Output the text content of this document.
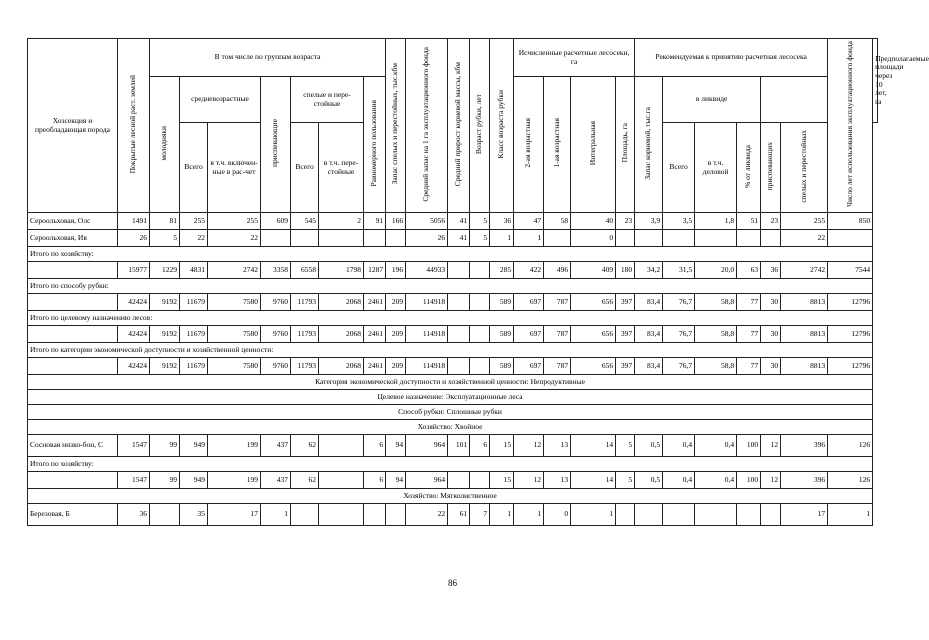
Хозсекция и преобладающая порода	Покрытые лесной раст. землей	В том числе по группам возраста							Запас спелых и перестойных, тыс.кбм	Средний запас на 1 га эксплуатационного фонда	Средний прирост корневой массы, кбм	Возраст рубки, лет	Класс возраста рубки	Исчисленные расчетные лесосеки, га				Рекомендуемая к принятию расчетная лесосека						Число лет использования эксплуатационного фонда	Предполагаемые площади через 10 лет, га
		молодняки	средневозрастные		приспевающие	спелые и пере-стойные		Равномерного пользования						2-ая возрастная	1-ая возрастная	Интегральная	Площадь, га	Запас корневой, тыс.га	в ликвиде						
			Всего	в т.ч. включен-ные в рас-чет		Всего	в т.ч. пере-стойные												Всего	в т.ч. деловой	% от ликвида	приспевающих	спелых и перестойных		
Сероольховая, Олс	1491	81	255	255	609	545	2	91	166	5056	41	5	36	47	58	40	23	3,9	3,5	1,8	51	23	255	850	
Сероольховая, Ив	26	5	22	22						26	41	5	1	1		0							22		
Итого по хозяйству:																									
	15977	1229	4831	2742	3358	6558	1798	1287	196	44933			285	422	496	409	180	34,2	31,5	20,0	63	36	2742	7544	
Итого по способу рубки:																									
	42424	9192	11679	7580	9760	11793	2068	2461	209	114918			589	697	787	656	397	83,4	76,7	58,8	77	30	8813	12796	
Итого по целевому назначению лесов:																									
	42424	9192	11679	7580	9760	11793	2068	2461	209	114918			589	697	787	656	397	83,4	76,7	58,8	77	30	8813	12796	
Итого по категории экономической доступности и хозяйственной ценности:																									
	42424	9192	11679	7580	9760	11793	2068	2461	209	114918			589	697	787	656	397	83,4	76,7	58,8	77	30	8813	12796	
Категория экономической доступности и хозяйственной ценности: Непродуктивные																									
Целевое назначение: Эксплуатационные леса																									
Способ рубки: Сплошные рубки																									
Хозяйство: Хвойное																									
Сосновая низко-бон, С	1547	99	949	199	437	62		6	94	964	101	6	15	12	13	14	5	0,5	0,4	0,4	100	12	396	126	
Итого по хозяйству:																									
	1547	99	949	199	437	62		6	94	964			15	12	13	14	5	0,5	0,4	0,4	100	12	396	126	
Хозяйство: Мягколиственное																									
Березовая, Б	36		35	17	1					22	61	7	1	1	0	1							17	1	
86
